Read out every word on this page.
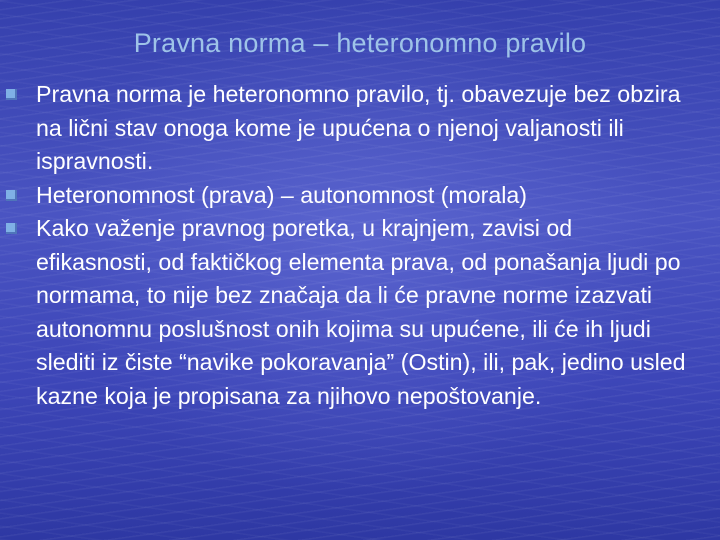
Pravna norma – heteronomno pravilo
Pravna norma je heteronomno pravilo, tj. obavezuje bez obzira na lični stav onoga kome je upućena o njenoj valjanosti ili ispravnosti.
Heteronomnost (prava) – autonomnost (morala)
Kako važenje pravnog poretka, u krajnjem, zavisi od efikasnosti, od faktičkog elementa prava, od ponašanja ljudi po normama, to nije bez značaja da li će pravne norme izazvati autonomnu poslušnost onih kojima su upućene, ili će ih ljudi slediti iz čiste “navike pokoravanja” (Ostin), ili, pak, jedino usled kazne koja je propisana za njihovo nepoštovanje.
